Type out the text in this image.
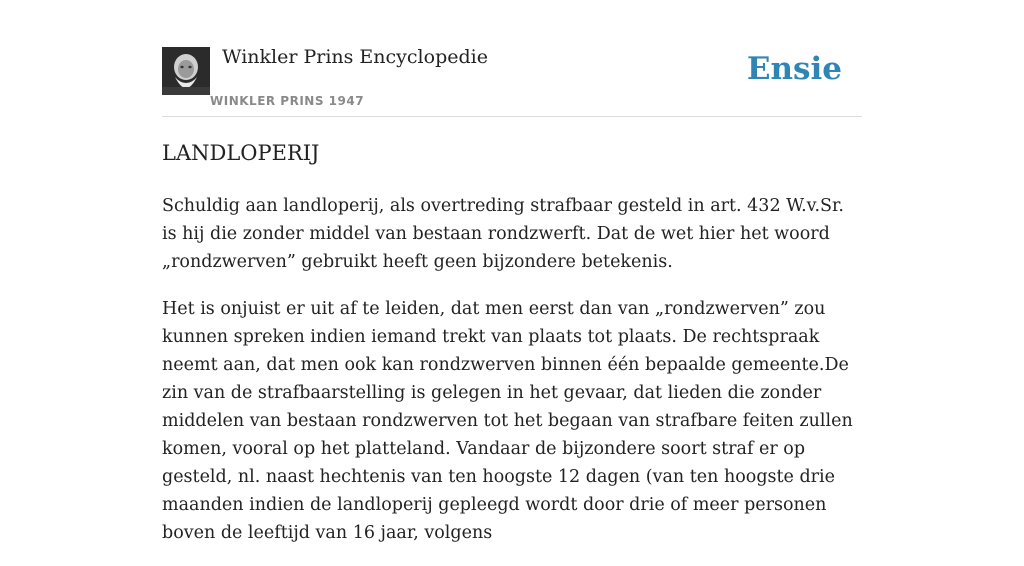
Winkler Prins Encyclopedie
WINKLER PRINS 1947
Ensie
LANDLOPERIJ

Schuldig aan landloperij, als overtreding strafbaar gesteld in art. 432 W.v.Sr. is hij die zonder middel van bestaan rondzwerft. Dat de wet hier het woord „rondzwerven” gebruikt heeft geen bijzondere betekenis.

Het is onjuist er uit af te leiden, dat men eerst dan van „rondzwerven” zou kunnen spreken indien iemand trekt van plaats tot plaats. De rechtspraak neemt aan, dat men ook kan rondzwerven binnen één bepaalde gemeente.De zin van de strafbaarstelling is gelegen in het gevaar, dat lieden die zonder middelen van bestaan rondzwerven tot het begaan van strafbare feiten zullen komen, vooral op het platteland. Vandaar de bijzondere soort straf er op gesteld, nl. naast hechtenis van ten hoogste 12 dagen (van ten hoogste drie maanden indien de landloperij gepleegd wordt door drie of meer personen boven de leeftijd van 16 jaar, volgens
